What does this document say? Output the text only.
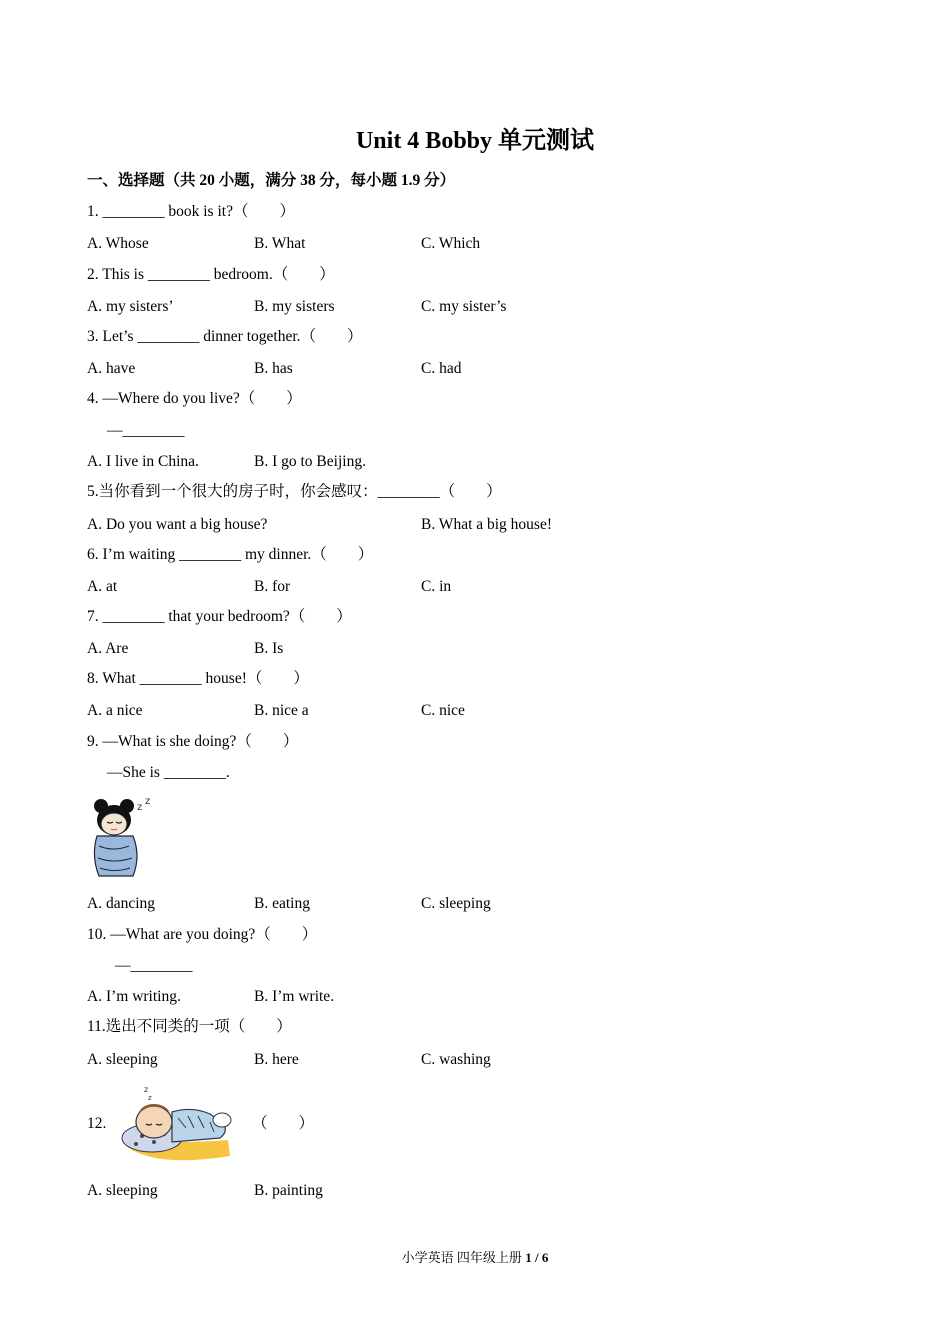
Unit 4 Bobby 单元测试
一、选择题（共 20 小题，满分 38 分，每小题 1.9 分）
1. ________ book is it?（　　）
A. Whose	B. What	C. Which
2. This is ________ bedroom.（　　）
A. my sisters’	B. my sisters	C. my sister’s
3. Let’s ________ dinner together.（　　）
A. have	B. has	C. had
4. —Where do you live?（　　）
—________
A. I live in China.	B. I go to Beijing.
5.当你看到一个很大的房子时，你会感叹：________（　　）
A. Do you want a big house?	B. What a big house!
6. I’m waiting ________ my dinner.（　　）
A. at	B. for	C. in
7. ________ that your bedroom?（　　）
A. Are	B. Is
8. What ________ house!（　　）
A. a nice	B. nice a	C. nice
9. —What is she doing?（　　）
—She is ________.
z
z
A. dancing	B. eating	C. sleeping
10. —What are you doing?（　　）
—________
A. I’m writing.	B. I’m write.
11.选出不同类的一项（　　）
A. sleeping	B. here	C. washing
12.
z
z
（　　）
A. sleeping	B. painting
小学英语 四年级上册 1 / 6
